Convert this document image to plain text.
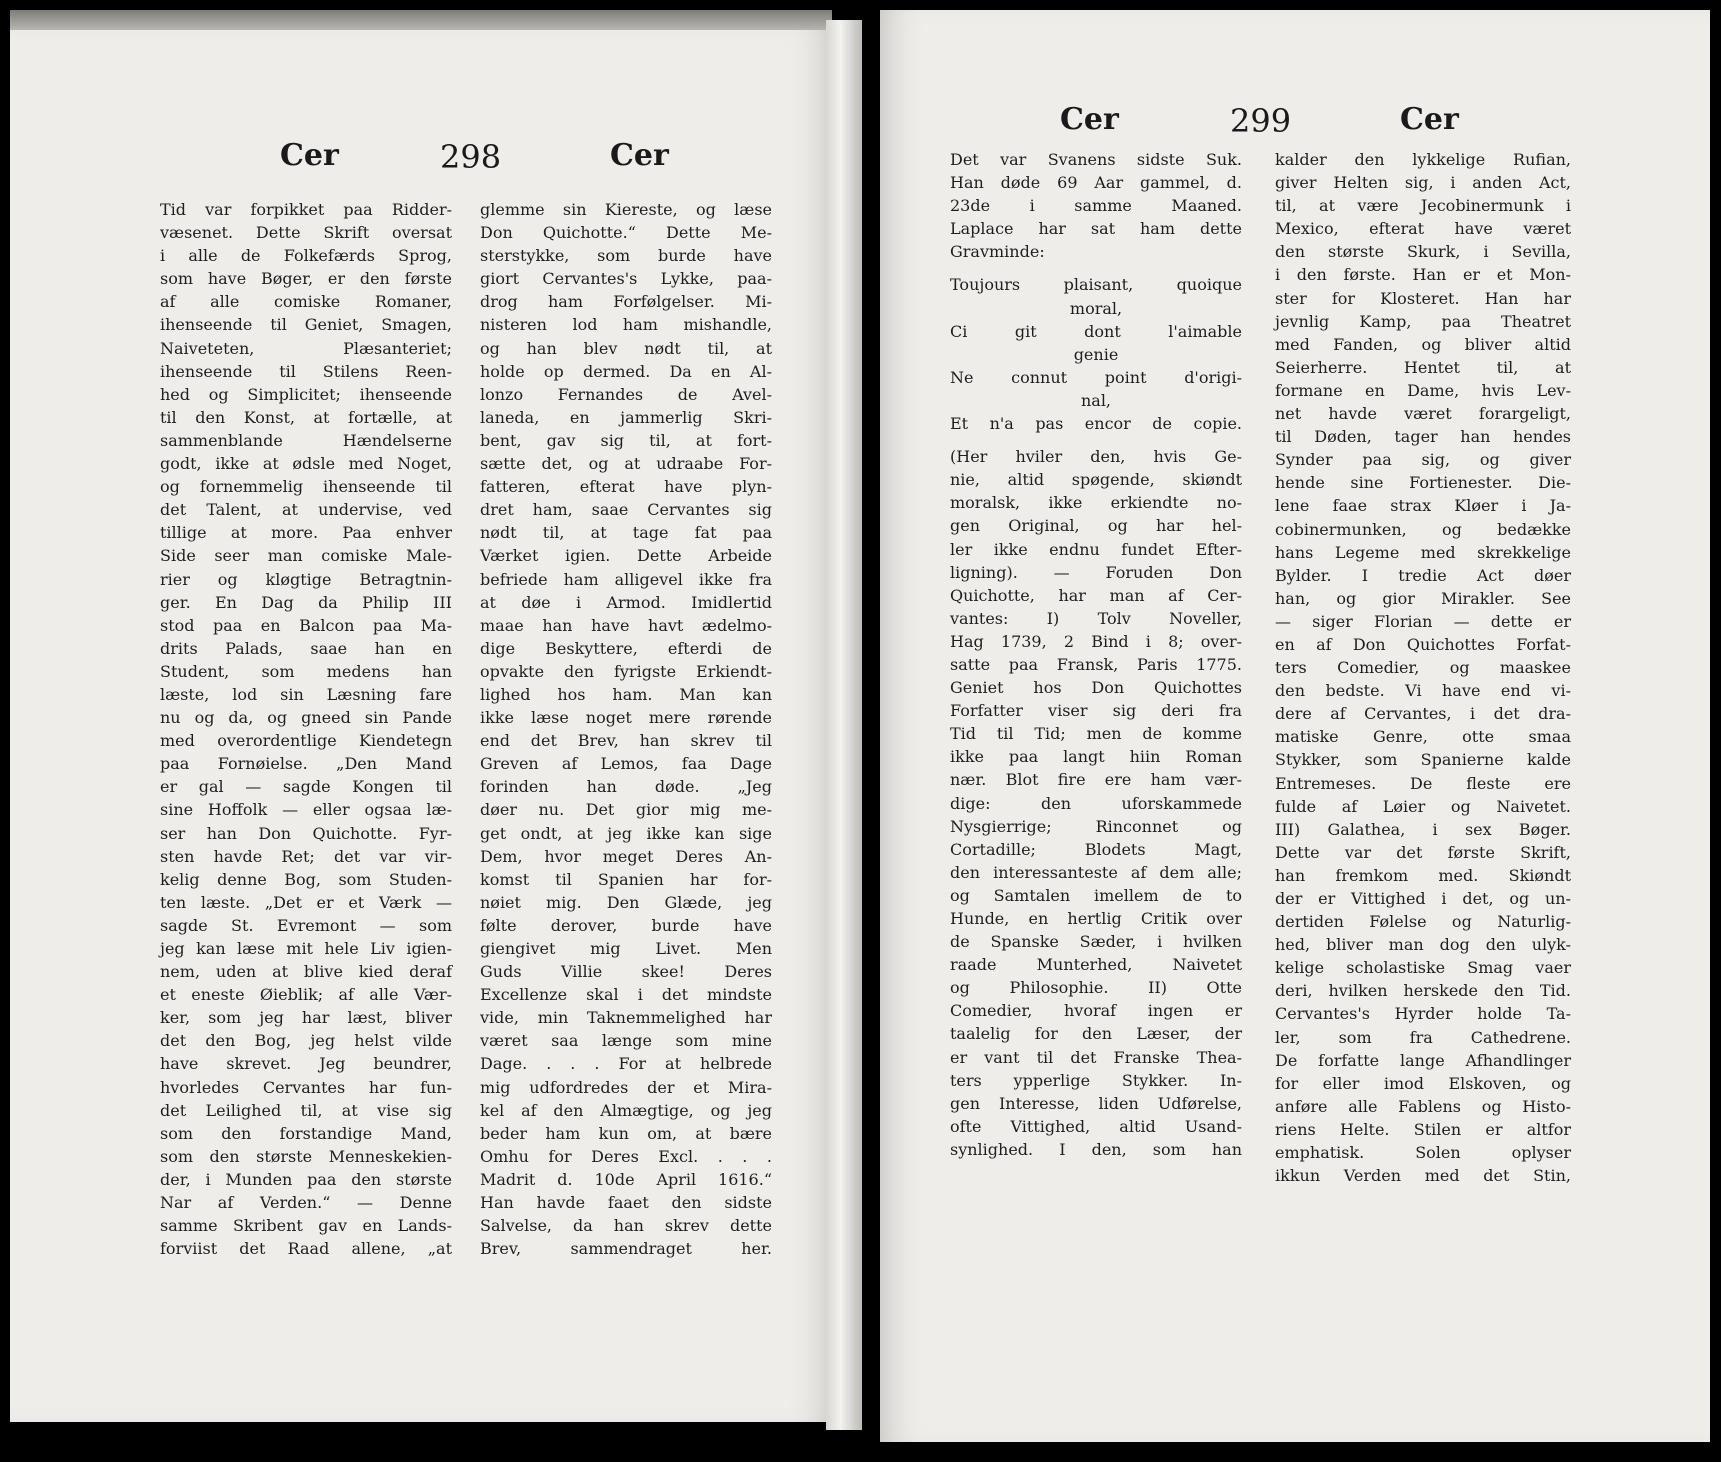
Cer	298	Cer
Tid var forpikket paa Ridder-
væsenet. Dette Skrift oversat
i alle de Folkefærds Sprog,
som have Bøger, er den første
af alle comiske Romaner,
ihenseende til Geniet, Smagen,
Naiveteten, Plæsanteriet;
ihenseende til Stilens Reen-
hed og Simplicitet; ihenseende
til den Konst, at fortælle, at
sammenblande Hændelserne
godt, ikke at ødsle med Noget,
og fornemmelig ihenseende til
det Talent, at undervise, ved
tillige at more. Paa enhver
Side seer man comiske Male-
rier og kløgtige Betragtnin-
ger. En Dag da Philip III
stod paa en Balcon paa Ma-
drits Palads, saae han en
Student, som medens han
læste, lod sin Læsning fare
nu og da, og gneed sin Pande
med overordentlige Kiendetegn
paa Fornøielse. „Den Mand
er gal — sagde Kongen til
sine Hoffolk — eller ogsaa læ-
ser han Don Quichotte. Fyr-
sten havde Ret; det var vir-
kelig denne Bog, som Studen-
ten læste. „Det er et Værk —
sagde St. Evremont — som
jeg kan læse mit hele Liv igien-
nem, uden at blive kied deraf
et eneste Øieblik; af alle Vær-
ker, som jeg har læst, bliver
det den Bog, jeg helst vilde
have skrevet. Jeg beundrer,
hvorledes Cervantes har fun-
det Leilighed til, at vise sig
som den forstandige Mand,
som den største Menneskekien-
der, i Munden paa den største
Nar af Verden.“ — Denne
samme Skribent gav en Lands-
forviist det Raad allene, „at
glemme sin Kiereste, og læse
Don Quichotte.“ Dette Me-
sterstykke, som burde have
giort Cervantes's Lykke, paa-
drog ham Forfølgelser. Mi-
nisteren lod ham mishandle,
og han blev nødt til, at
holde op dermed. Da en Al-
lonzo Fernandes de Avel-
laneda, en jammerlig Skri-
bent, gav sig til, at fort-
sætte det, og at udraabe For-
fatteren, efterat have plyn-
dret ham, saae Cervantes sig
nødt til, at tage fat paa
Værket igien. Dette Arbeide
befriede ham alligevel ikke fra
at døe i Armod. Imidlertid
maae han have havt ædelmo-
dige Beskyttere, efterdi de
opvakte den fyrigste Erkiendt-
lighed hos ham. Man kan
ikke læse noget mere rørende
end det Brev, han skrev til
Greven af Lemos, faa Dage
forinden han døde. „Jeg
døer nu. Det gior mig me-
get ondt, at jeg ikke kan sige
Dem, hvor meget Deres An-
komst til Spanien har for-
nøiet mig. Den Glæde, jeg
følte derover, burde have
giengivet mig Livet. Men
Guds Villie skee! Deres
Excellenze skal i det mindste
vide, min Taknemmelighed har
været saa længe som mine
Dage. . . . For at helbrede
mig udfordredes der et Mira-
kel af den Almægtige, og jeg
beder ham kun om, at bære
Omhu for Deres Excl. . . .
Madrit d. 10de April 1616.“
Han havde faaet den sidste
Salvelse, da han skrev dette
Brev, sammendraget her.
Cer	299	Cer
Det var Svanens sidste Suk.
Han døde 69 Aar gammel, d.
23de i samme Maaned.
Laplace har sat ham dette
Gravminde:
Toujours plaisant, quoique
moral,
Ci git dont l'aimable
genie
Ne connut point d'origi-
nal,
Et n'a pas encor de copie.
(Her hviler den, hvis Ge-
nie, altid spøgende, skiøndt
moralsk, ikke erkiendte no-
gen Original, og har hel-
ler ikke endnu fundet Efter-
ligning). — Foruden Don
Quichotte, har man af Cer-
vantes: I) Tolv Noveller,
Hag 1739, 2 Bind i 8; over-
satte paa Fransk, Paris 1775.
Geniet hos Don Quichottes
Forfatter viser sig deri fra
Tid til Tid; men de komme
ikke paa langt hiin Roman
nær. Blot fire ere ham vær-
dige: den uforskammede
Nysgierrige; Rinconnet og
Cortadille; Blodets Magt,
den interessanteste af dem alle;
og Samtalen imellem de to
Hunde, en hertlig Critik over
de Spanske Sæder, i hvilken
raade Munterhed, Naivetet
og Philosophie. II) Otte
Comedier, hvoraf ingen er
taalelig for den Læser, der
er vant til det Franske Thea-
ters ypperlige Stykker. In-
gen Interesse, liden Udførelse,
ofte Vittighed, altid Usand-
synlighed. I den, som han
kalder den lykkelige Rufian,
giver Helten sig, i anden Act,
til, at være Jecobinermunk i
Mexico, efterat have været
den største Skurk, i Sevilla,
i den første. Han er et Mon-
ster for Klosteret. Han har
jevnlig Kamp, paa Theatret
med Fanden, og bliver altid
Seierherre. Hentet til, at
formane en Dame, hvis Lev-
net havde været forargeligt,
til Døden, tager han hendes
Synder paa sig, og giver
hende sine Fortienester. Die-
lene faae strax Kløer i Ja-
cobinermunken, og bedække
hans Legeme med skrekkelige
Bylder. I tredie Act døer
han, og gior Mirakler. See
— siger Florian — dette er
en af Don Quichottes Forfat-
ters Comedier, og maaskee
den bedste. Vi have end vi-
dere af Cervantes, i det dra-
matiske Genre, otte smaa
Stykker, som Spanierne kalde
Entremeses. De fleste ere
fulde af Løier og Naivetet.
III) Galathea, i sex Bøger.
Dette var det første Skrift,
han fremkom med. Skiøndt
der er Vittighed i det, og un-
dertiden Følelse og Naturlig-
hed, bliver man dog den ulyk-
kelige scholastiske Smag vaer
deri, hvilken herskede den Tid.
Cervantes's Hyrder holde Ta-
ler, som fra Cathedrene.
De forfatte lange Afhandlinger
for eller imod Elskoven, og
anføre alle Fablens og Histo-
riens Helte. Stilen er altfor
emphatisk. Solen oplyser
ikkun Verden med det Stin,
